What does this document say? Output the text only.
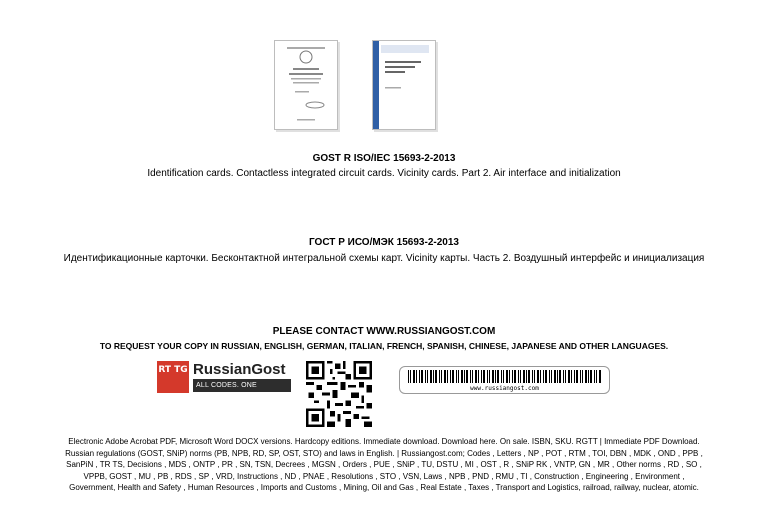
GOST R ISO/IEC 15693-2-2013
Identification cards. Contactless integrated circuit cards. Vicinity cards. Part 2. Air interface and initialization
ГОСТ Р ИСО/МЭК 15693-2-2013
Идентификационные карточки. Бесконтактной интегральной схемы карт. Vicinity карты. Часть 2. Воздушный интерфейс и инициализация
PLEASE CONTACT WWW.RUSSIANGOST.COM
TO REQUEST YOUR COPY IN RUSSIAN, ENGLISH, GERMAN, ITALIAN, FRENCH, SPANISH, CHINESE, JAPANESE AND OTHER LANGUAGES.
RT TG RussianGost
ALL CODES. ONE DATABASE.
www.russiangost.com
Electronic Adobe Acrobat PDF, Microsoft Word DOCX versions. Hardcopy editions. Immediate download. Download here. On sale. ISBN, SKU. RGTT | Immediate PDF Download. Russian regulations (GOST, SNiP) norms (PB, NPB, RD, SP, OST, STO) and laws in English. | Russiangost.com; Codes , Letters , NP , POT , RTM , TOI, DBN , MDK , OND , PPB , SanPiN , TR TS, Decisions , MDS , ONTP , PR , SN, TSN, Decrees , MGSN , Orders , PUE , SNiP , TU, DSTU , MI , OST , R , SNiP RK , VNTP, GN , MR , Other norms , RD , SO , VPPB, GOST , MU , PB , RDS , SP , VRD, Instructions , ND , PNAE , Resolutions , STO , VSN, Laws , NPB , PND , RMU , TI , Construction , Engineering , Environment , Government, Health and Safety , Human Resources , Imports and Customs , Mining, Oil and Gas , Real Estate , Taxes , Transport and Logistics, railroad, railway, nuclear, atomic.
